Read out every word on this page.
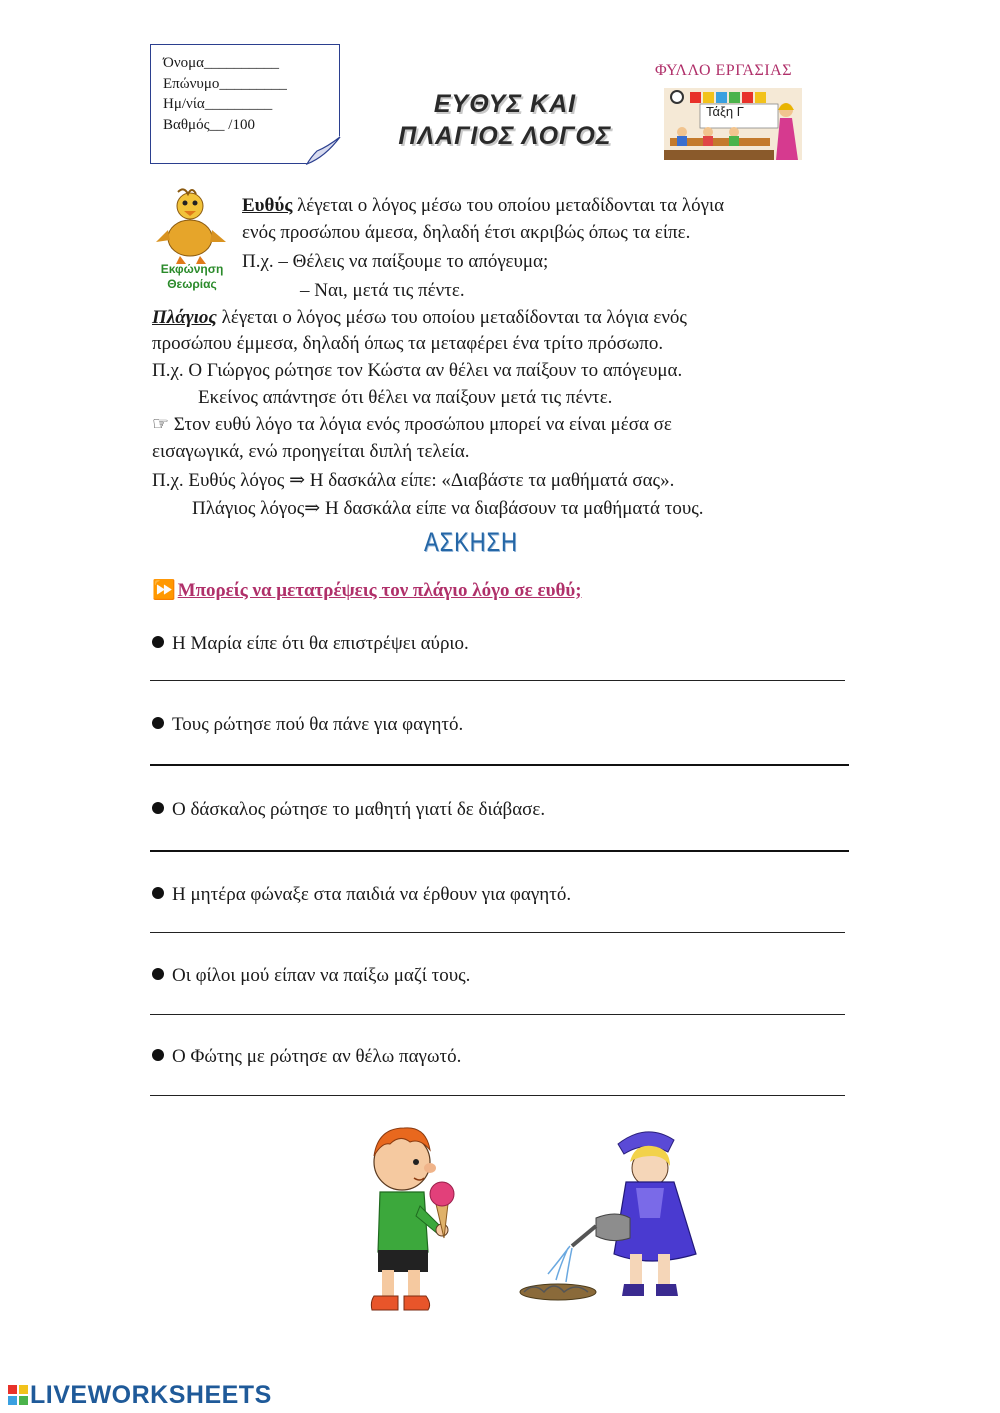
Όνομα__________
Επώνυμο_________
Ημ/νία_________
Βαθμός__ /100
ΕΥΘΥΣ ΚΑΙ
ΠΛΑΓΙΟΣ ΛΟΓΟΣ
ΦΥΛΛΟ ΕΡΓΑΣΙΑΣ
Τάξη Γ
Εκφώνηση
Θεωρίας
Ευθύς λέγεται ο λόγος μέσω του οποίου μεταδίδονται τα λόγια
ενός προσώπου άμεσα, δηλαδή έτσι ακριβώς όπως τα είπε.
Π.χ. – Θέλεις να παίξουμε το απόγευμα;
– Ναι, μετά τις πέντε.
Πλάγιος λέγεται ο λόγος μέσω του οποίου μεταδίδονται τα λόγια ενός
προσώπου έμμεσα, δηλαδή όπως τα μεταφέρει ένα τρίτο πρόσωπο.
Π.χ. Ο Γιώργος ρώτησε τον Κώστα αν θέλει να παίξουν το απόγευμα.
Εκείνος απάντησε ότι θέλει να παίξουν μετά τις πέντε.
☞ Στον ευθύ λόγο τα λόγια ενός προσώπου μπορεί να είναι μέσα σε
εισαγωγικά, ενώ προηγείται διπλή τελεία.
Π.χ. Ευθύς λόγος ⇒ Η δασκάλα είπε: «Διαβάστε τα μαθήματά σας».
Πλάγιος λόγος⇒ Η δασκάλα είπε να διαβάσουν τα μαθήματά τους.
ΑΣΚΗΣΗ
⏩ Μπορείς να μετατρέψεις τον πλάγιο λόγο σε ευθύ;
Η Μαρία είπε ότι θα επιστρέψει αύριο.
Τους ρώτησε πού θα πάνε για φαγητό.
Ο δάσκαλος ρώτησε το μαθητή γιατί δε διάβασε.
Η μητέρα φώναξε στα παιδιά να έρθουν για φαγητό.
Οι φίλοι μού είπαν να παίξω μαζί τους.
Ο Φώτης με ρώτησε αν θέλω παγωτό.
LIVEWORKSHEETS
